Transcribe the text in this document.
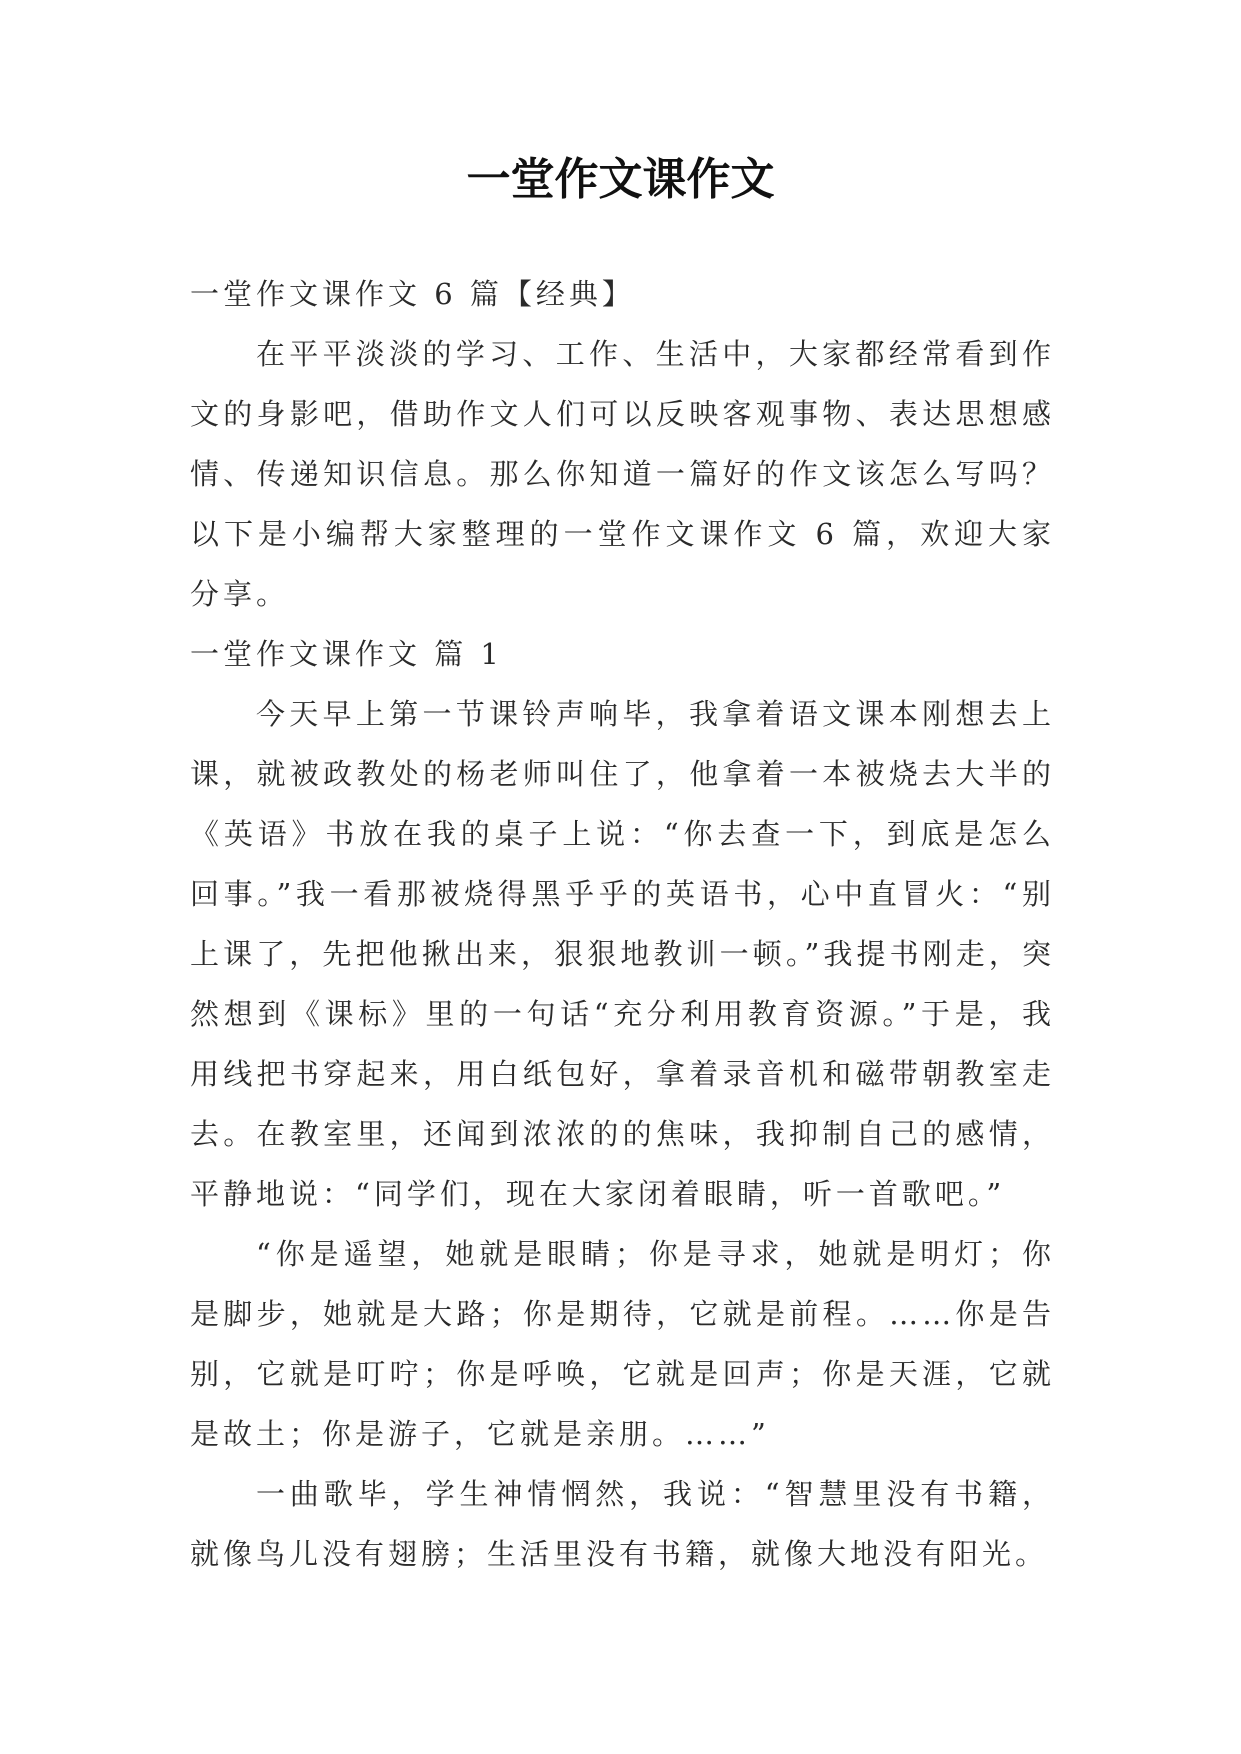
一堂作文课作文

一堂作文课作文 6 篇【经典】

在平平淡淡的学习、工作、生活中，大家都经常看到作文的身影吧，借助作文人们可以反映客观事物、表达思想感情、传递知识信息。那么你知道一篇好的作文该怎么写吗？以下是小编帮大家整理的一堂作文课作文 6 篇，欢迎大家分享。

一堂作文课作文 篇 1

今天早上第一节课铃声响毕，我拿着语文课本刚想去上课，就被政教处的杨老师叫住了，他拿着一本被烧去大半的《英语》书放在我的桌子上说：“你去查一下，到底是怎么回事。”我一看那被烧得黑乎乎的英语书，心中直冒火：“别上课了，先把他揪出来，狠狠地教训一顿。”我提书刚走，突然想到《课标》里的一句话“充分利用教育资源。”于是，我用线把书穿起来，用白纸包好，拿着录音机和磁带朝教室走去。在教室里，还闻到浓浓的的焦味，我抑制自己的感情，平静地说：“同学们，现在大家闭着眼睛，听一首歌吧。”

“你是遥望，她就是眼睛；你是寻求，她就是明灯；你是脚步，她就是大路；你是期待，它就是前程。……你是告别，它就是叮咛；你是呼唤，它就是回声；你是天涯，它就是故土；你是游子，它就是亲朋。……”

一曲歌毕，学生神情惘然，我说：“智慧里没有书籍，就像鸟儿没有翅膀；生活里没有书籍，就像大地没有阳光。
